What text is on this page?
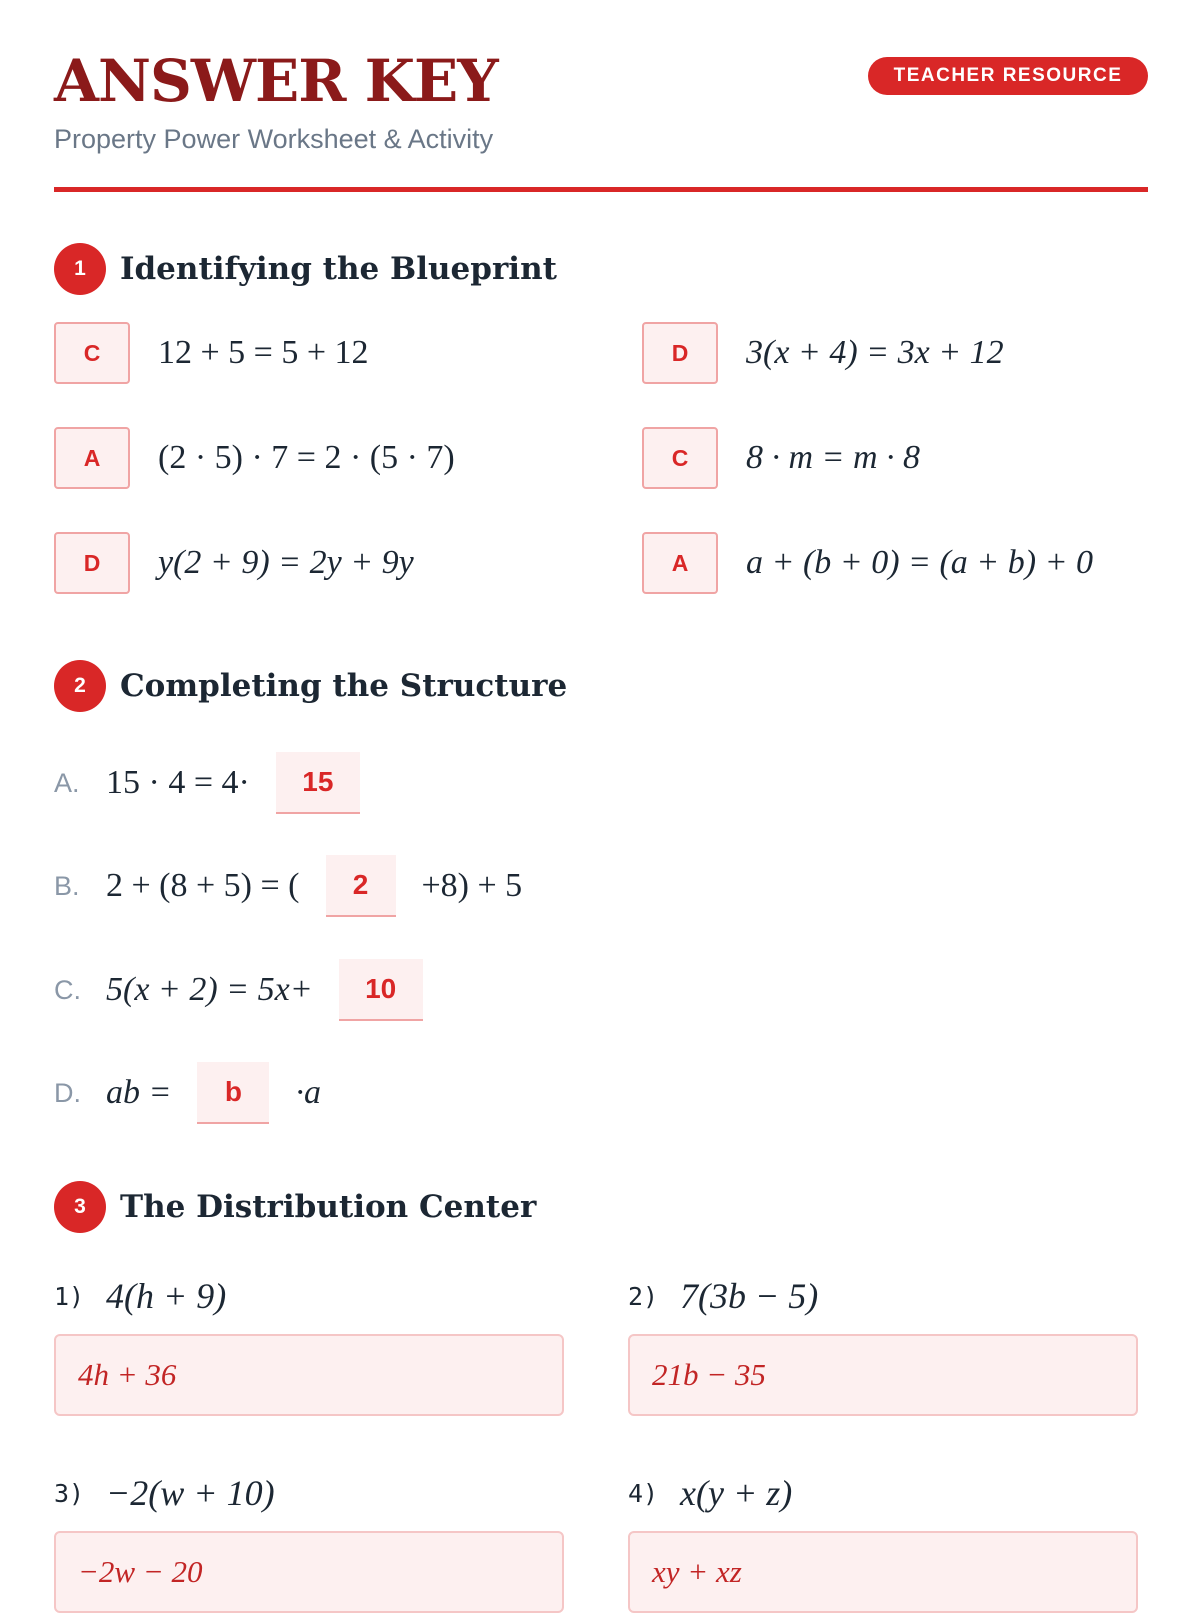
ANSWER KEY
Property Power Worksheet & Activity
TEACHER RESOURCE
1	Identifying the Blueprint
C	12 + 5 = 5 + 12	D	3(x + 4) = 3x + 12
A	(2 · 5) · 7 = 2 · (5 · 7)	C	8 · m = m · 8
D	y(2 + 9) = 2y + 9y	A	a + (b + 0) = (a + b) + 0
2	Completing the Structure
A. 15 · 4 = 4·	15
B. 2 + (8 + 5) = (	2	+8) + 5
C. 5(x + 2) = 5x+	10
D. ab =	b	·a
3	The Distribution Center
1) 4(h + 9)
4h + 36
2) 7(3b − 5)
21b − 35
3) −2(w + 10)
−2w − 20
4) x(y + z)
xy + xz
